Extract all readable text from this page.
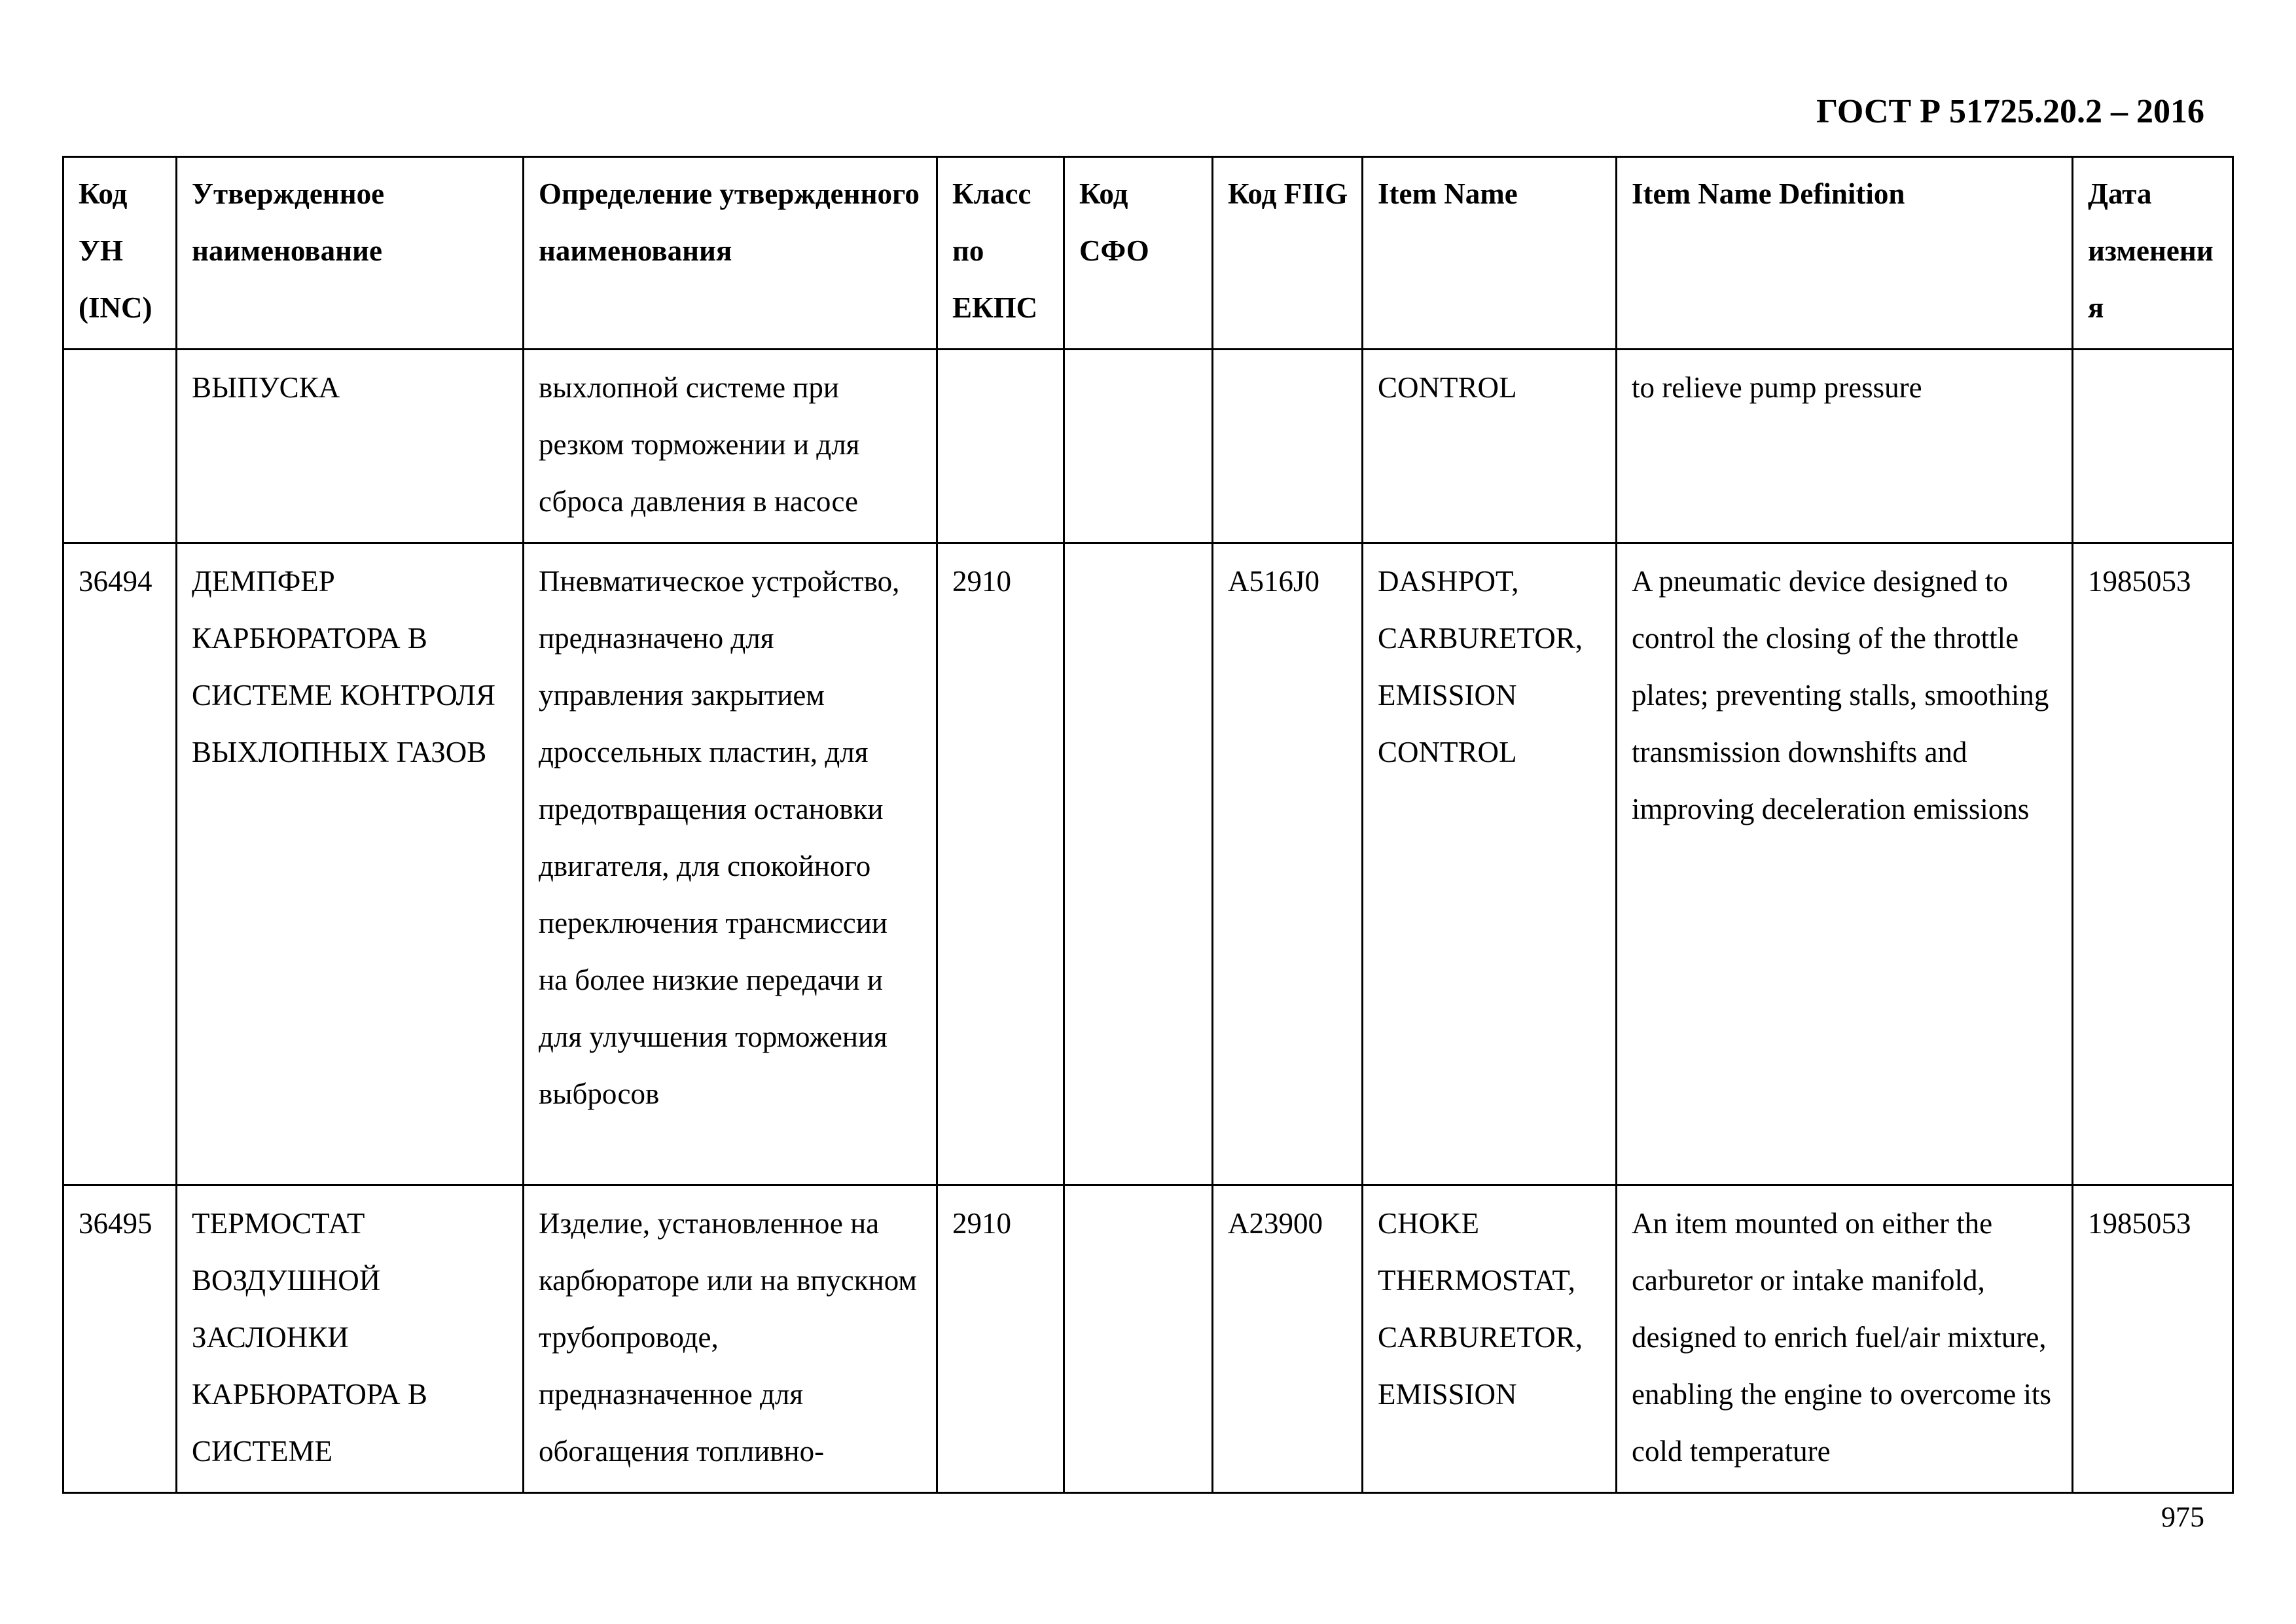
ГОСТ Р 51725.20.2 – 2016
Код УН (INC)	Утвержденное наименование	Определение утвержденного наименования	Класс по ЕКПС	Код СФО	Код FIIG	Item Name	Item Name Definition	Дата изменения

	ВЫПУСКА	выхлопной системе при резком торможении и для сброса давления в насосе				CONTROL	to relieve pump pressure	
36494	ДЕМПФЕР КАРБЮРАТОРА В СИСТЕМЕ КОНТРОЛЯ ВЫХЛОПНЫХ ГАЗОВ	Пневматическое устройство, предназначено для управления закрытием дроссельных пластин, для предотвращения остановки двигателя, для спокойного переключения трансмиссии на более низкие передачи и для улучшения торможения выбросов	2910		A516J0	DASHPOT, CARBURETOR, EMISSION CONTROL	A pneumatic device designed to control the closing of the throttle plates; preventing stalls, smoothing transmission downshifts and improving deceleration emissions	1985053
36495	ТЕРМОСТАТ ВОЗДУШНОЙ ЗАСЛОНКИ КАРБЮРАТОРА В СИСТЕМЕ	Изделие, установленное на карбюраторе или на впускном трубопроводе, предназначенное для обогащения топливно-	2910		A23900	CHOKE THERMOSTAT, CARBURETOR, EMISSION	An item mounted on either the carburetor or intake manifold, designed to enrich fuel/air mixture, enabling the engine to overcome its cold temperature	1985053
975
